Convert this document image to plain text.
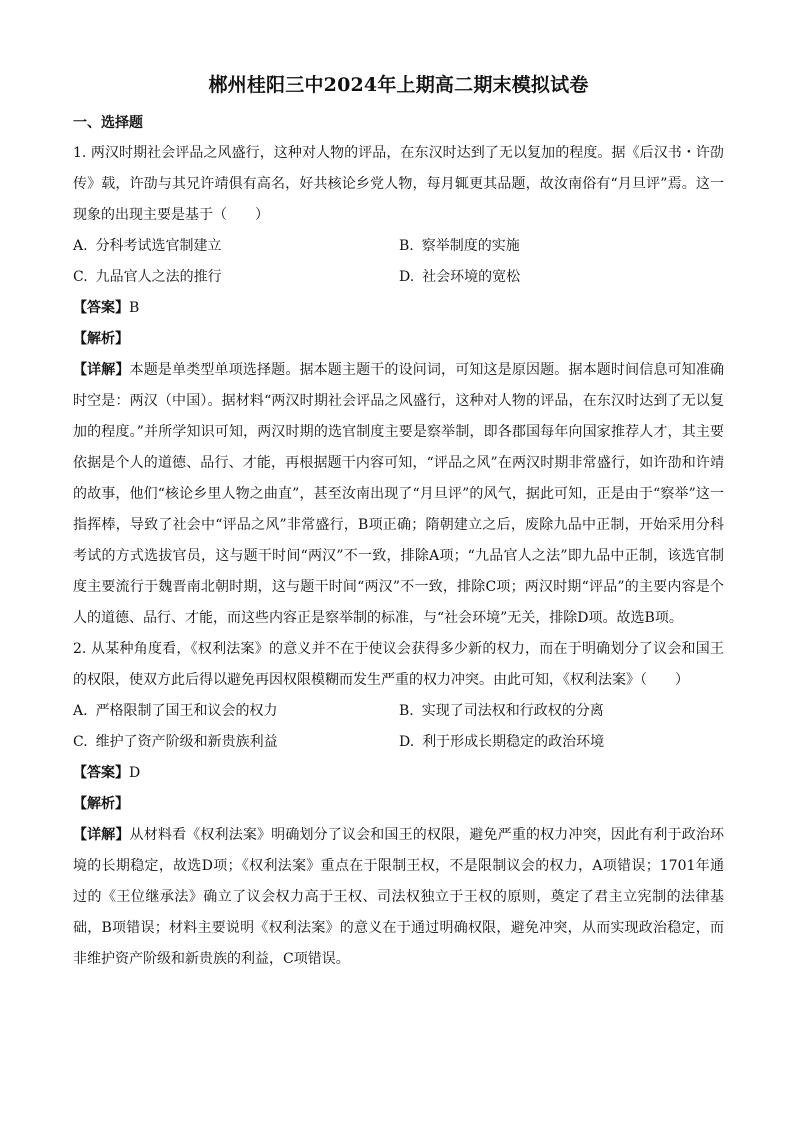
郴州桂阳三中2024年上期高二期末模拟试卷
一、选择题

1. 两汉时期社会评品之风盛行，这种对人物的评品，在东汉时达到了无以复加的程度。据《后汉书・许劭传》载，许劭与其兄许靖俱有高名，好共核论乡党人物，每月辄更其品题，故汝南俗有“月旦评”焉。这一现象的出现主要是基于（　　）

A. 分科考试选官制建立	B. 察举制度的实施
C. 九品官人之法的推行	D. 社会环境的宽松
【答案】B
【解析】

【详解】本题是单类型单项选择题。据本题主题干的设问词，可知这是原因题。据本题时间信息可知准确时空是：两汉（中国）。据材料“两汉时期社会评品之风盛行，这种对人物的评品，在东汉时达到了无以复加的程度。”并所学知识可知，两汉时期的选官制度主要是察举制，即各郡国每年向国家推荐人才，其主要依据是个人的道德、品行、才能，再根据题干内容可知，“评品之风”在两汉时期非常盛行，如许劭和许靖的故事，他们“核论乡里人物之曲直”，甚至汝南出现了“月旦评”的风气，据此可知，正是由于“察举”这一指挥棒，导致了社会中“评品之风”非常盛行，B项正确；隋朝建立之后，废除九品中正制，开始采用分科考试的方式选拔官员，这与题干时间“两汉”不一致，排除A项；“九品官人之法”即九品中正制，该选官制度主要流行于魏晋南北朝时期，这与题干时间“两汉”不一致，排除C项；两汉时期“评品”的主要内容是个人的道德、品行、才能，而这些内容正是察举制的标准，与“社会环境”无关，排除D项。故选B项。

2. 从某种角度看，《权利法案》的意义并不在于使议会获得多少新的权力，而在于明确划分了议会和国王的权限，使双方此后得以避免再因权限模糊而发生严重的权力冲突。由此可知，《权利法案》（　　）

A. 严格限制了国王和议会的权力	B. 实现了司法权和行政权的分离
C. 维护了资产阶级和新贵族利益	D. 利于形成长期稳定的政治环境
【答案】D
【解析】

【详解】从材料看《权利法案》明确划分了议会和国王的权限，避免严重的权力冲突，因此有利于政治环境的长期稳定，故选D项；《权利法案》重点在于限制王权，不是限制议会的权力，A项错误；1701年通过的《王位继承法》确立了议会权力高于王权、司法权独立于王权的原则，奠定了君主立宪制的法律基础，B项错误；材料主要说明《权利法案》的意义在于通过明确权限，避免冲突，从而实现政治稳定，而非维护资产阶级和新贵族的利益，C项错误。
